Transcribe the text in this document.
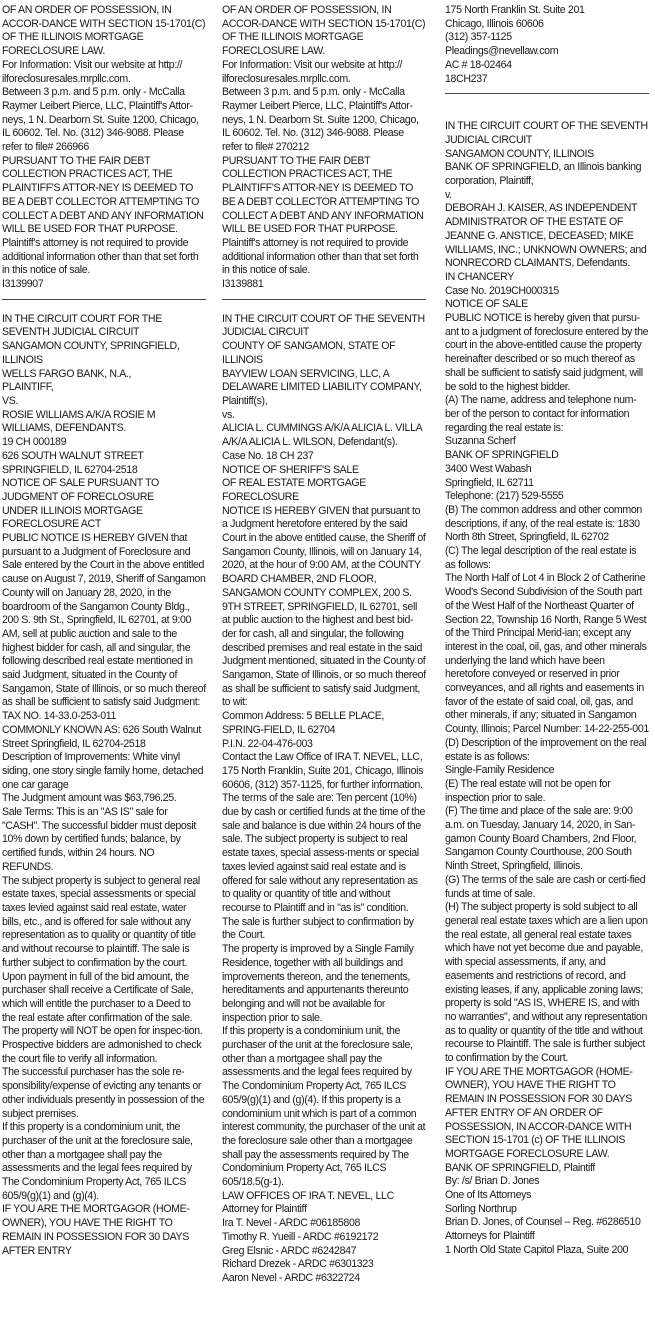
OF AN ORDER OF POSSESSION, IN ACCOR-DANCE WITH SECTION 15-1701(C) OF THE ILLINOIS MORTGAGE FORECLOSURE LAW.

For Information: Visit our website at http:// ilforeclosuresales.mrpllc.com.

Between 3 p.m. and 5 p.m. only - McCalla Raymer Leibert Pierce, LLC, Plaintiff's Attor-neys, 1 N. Dearborn St. Suite 1200, Chicago, IL 60602. Tel. No. (312) 346-9088. Please refer to file# 266966

PURSUANT TO THE FAIR DEBT COLLECTION PRACTICES ACT, THE PLAINTIFF'S ATTOR-NEY IS DEEMED TO BE A DEBT COLLECTOR ATTEMPTING TO COLLECT A DEBT AND ANY INFORMATION WILL BE USED FOR THAT PURPOSE.

Plaintiff's attorney is not required to provide additional information other than that set forth in this notice of sale.

I3139907

IN THE CIRCUIT COURT FOR THE SEVENTH JUDICIAL CIRCUIT

SANGAMON COUNTY, SPRINGFIELD, ILLINOIS

WELLS FARGO BANK, N.A.,

PLAINTIFF,

VS.

ROSIE WILLIAMS A/K/A ROSIE M WILLIAMS, DEFENDANTS.

19 CH 000189

626 SOUTH WALNUT STREET

SPRINGFIELD, IL 62704-2518

NOTICE OF SALE PURSUANT TO JUDGMENT OF FORECLOSURE

UNDER ILLINOIS MORTGAGE FORECLOSURE ACT

PUBLIC NOTICE IS HEREBY GIVEN that pursuant to a Judgment of Foreclosure and Sale entered by the Court in the above entitled cause on August 7, 2019, Sheriff of Sangamon County will on January 28, 2020, in the boardroom of the Sangamon County Bldg., 200 S. 9th St., Springfield, IL 62701, at 9:00 AM, sell at public auction and sale to the highest bidder for cash, all and singular, the following described real estate mentioned in said Judgment, situated in the County of Sangamon, State of Illinois, or so much thereof as shall be sufficient to satisfy said Judgment:

TAX NO. 14-33.0-253-011

COMMONLY KNOWN AS: 626 South Walnut Street Springfield, IL 62704-2518

Description of Improvements: White vinyl siding, one story single family home, detached one car garage

The Judgment amount was $63,796.25.

Sale Terms: This is an "AS IS" sale for "CASH". The successful bidder must deposit 10% down by certified funds; balance, by certified funds, within 24 hours. NO REFUNDS.

The subject property is subject to general real estate taxes, special assessments or special taxes levied against said real estate, water bills, etc., and is offered for sale without any representation as to quality or quantity of title and without recourse to plaintiff. The sale is further subject to confirmation by the court.

Upon payment in full of the bid amount, the purchaser shall receive a Certificate of Sale, which will entitle the purchaser to a Deed to the real estate after confirmation of the sale.

The property will NOT be open for inspec-tion. Prospective bidders are admonished to check the court file to verify all information.

The successful purchaser has the sole re-sponsibility/expense of evicting any tenants or other individuals presently in possession of the subject premises.

If this property is a condominium unit, the purchaser of the unit at the foreclosure sale, other than a mortgagee shall pay the assessments and the legal fees required by The Condominium Property Act, 765 ILCS 605/9(g)(1) and (g)(4).

IF YOU ARE THE MORTGAGOR (HOME-OWNER), YOU HAVE THE RIGHT TO REMAIN IN POSSESSION FOR 30 DAYS AFTER ENTRY

OF AN ORDER OF POSSESSION, IN ACCOR-DANCE WITH SECTION 15-1701(C) OF THE ILLINOIS MORTGAGE FORECLOSURE LAW.

For Information: Visit our website at http:// ilforeclosuresales.mrpllc.com.

Between 3 p.m. and 5 p.m. only - McCalla Raymer Leibert Pierce, LLC, Plaintiff's Attor-neys, 1 N. Dearborn St. Suite 1200, Chicago, IL 60602. Tel. No. (312) 346-9088. Please refer to file# 270212

PURSUANT TO THE FAIR DEBT COLLECTION PRACTICES ACT, THE PLAINTIFF'S ATTOR-NEY IS DEEMED TO BE A DEBT COLLECTOR ATTEMPTING TO COLLECT A DEBT AND ANY INFORMATION WILL BE USED FOR THAT PURPOSE.

Plaintiff's attorney is not required to provide additional information other than that set forth in this notice of sale.

I3139881

IN THE CIRCUIT COURT OF THE SEVENTH JUDICIAL CIRCUIT

COUNTY OF SANGAMON, STATE OF ILLINOIS

BAYVIEW LOAN SERVICING, LLC, A DELAWARE LIMITED LIABILITY COMPANY, Plaintiff(s),

vs.

ALICIA L. CUMMINGS A/K/A ALICIA L. VILLA A/K/A ALICIA L. WILSON, Defendant(s).

Case No. 18 CH 237

NOTICE OF SHERIFF'S SALE

OF REAL ESTATE MORTGAGE FORECLOSURE

NOTICE IS HEREBY GIVEN that pursuant to a Judgment heretofore entered by the said Court in the above entitled cause, the Sheriff of Sangamon County, Illinois, will on January 14, 2020, at the hour of 9:00 AM, at the COUNTY BOARD CHAMBER, 2ND FLOOR, SANGAMON COUNTY COMPLEX, 200 S. 9TH STREET, SPRINGFIELD, IL 62701, sell at public auction to the highest and best bid-der for cash, all and singular, the following described premises and real estate in the said Judgment mentioned, situated in the County of Sangamon, State of Illinois, or so much thereof as shall be sufficient to satisfy said Judgment, to wit:

Common Address: 5 BELLE PLACE, SPRING-FIELD, IL 62704

P.I.N. 22-04-476-003

Contact the Law Office of IRA T. NEVEL, LLC, 175 North Franklin, Suite 201, Chicago, Illinois 60606, (312) 357-1125, for further information.

The terms of the sale are: Ten percent (10%) due by cash or certified funds at the time of the sale and balance is due within 24 hours of the sale. The subject property is subject to real estate taxes, special assess-ments or special taxes levied against said real estate and is offered for sale without any representation as to quality or quantity of title and without recourse to Plaintiff and in "as is" condition. The sale is further subject to confirmation by the Court.

The property is improved by a Single Family Residence, together with all buildings and improvements thereon, and the tenements, hereditaments and appurtenants thereunto belonging and will not be available for inspection prior to sale.

If this property is a condominium unit, the purchaser of the unit at the foreclosure sale, other than a mortgagee shall pay the assessments and the legal fees required by The Condominium Property Act, 765 ILCS 605/9(g)(1) and (g)(4). If this property is a condominium unit which is part of a common interest community, the purchaser of the unit at the foreclosure sale other than a mortgagee shall pay the assessments required by The Condominium Property Act, 765 ILCS 605/18.5(g-1).

LAW OFFICES OF IRA T. NEVEL, LLC

Attorney for Plaintiff

Ira T. Nevel - ARDC #06185808

Timothy R. Yueill - ARDC #6192172

Greg Elsnic - ARDC #6242847

Richard Drezek - ARDC #6301323

Aaron Nevel - ARDC #6322724

175 North Franklin St. Suite 201

Chicago, Illinois 60606

(312) 357-1125

Pleadings@nevellaw.com

AC # 18-02464

18CH237

IN THE CIRCUIT COURT OF THE SEVENTH JUDICIAL CIRCUIT

SANGAMON COUNTY, ILLINOIS

BANK OF SPRINGFIELD, an Illinois banking corporation, Plaintiff,

v.

DEBORAH J. KAISER, AS INDEPENDENT ADMINISTRATOR OF THE ESTATE OF JEANNE G. ANSTICE, DECEASED; MIKE WILLIAMS, INC.; UNKNOWN OWNERS; and NONRECORD CLAIMANTS, Defendants.

IN CHANCERY

Case No. 2019CH000315

NOTICE OF SALE

PUBLIC NOTICE is hereby given that pursu-ant to a judgment of foreclosure entered by the court in the above-entitled cause the property hereinafter described or so much thereof as shall be sufficient to satisfy said judgment, will be sold to the highest bidder.

(A) The name, address and telephone num-ber of the person to contact for information regarding the real estate is:

Suzanna Scherf

BANK OF SPRINGFIELD

3400 West Wabash

Springfield, IL 62711

Telephone: (217) 529-5555

(B) The common address and other common descriptions, if any, of the real estate is: 1830 North 8th Street, Springfield, IL 62702

(C) The legal description of the real estate is as follows:

The North Half of Lot 4 in Block 2 of Catherine Wood's Second Subdivision of the South part of the West Half of the Northeast Quarter of Section 22, Township 16 North, Range 5 West of the Third Principal Merid-ian; except any interest in the coal, oil, gas, and other minerals underlying the land which have been heretofore conveyed or reserved in prior conveyances, and all rights and easements in favor of the estate of said coal, oil, gas, and other minerals, if any; situated in Sangamon County, Illinois; Parcel Number: 14-22-255-001

(D) Description of the improvement on the real estate is as follows:

Single-Family Residence

(E) The real estate will not be open for inspection prior to sale.

(F) The time and place of the sale are: 9:00 a.m. on Tuesday, January 14, 2020, in San-gamon County Board Chambers, 2nd Floor, Sangamon County Courthouse, 200 South Ninth Street, Springfield, Illinois.

(G) The terms of the sale are cash or certi-fied funds at time of sale.

(H) The subject property is sold subject to all general real estate taxes which are a lien upon the real estate, all general real estate taxes which have not yet become due and payable, with special assessments, if any, and easements and restrictions of record, and existing leases, if any, applicable zoning laws; property is sold "AS IS, WHERE IS, and with no warranties", and without any representation as to quality or quantity of the title and without recourse to Plaintiff. The sale is further subject to confirmation by the Court.

IF YOU ARE THE MORTGAGOR (HOME-OWNER), YOU HAVE THE RIGHT TO REMAIN IN POSSESSION FOR 30 DAYS AFTER ENTRY OF AN ORDER OF POSSESSION, IN ACCOR-DANCE WITH SECTION 15-1701 (c) OF THE ILLINOIS MORTGAGE FORECLOSURE LAW.

BANK OF SPRINGFIELD, Plaintiff

By: /s/ Brian D. Jones

One of Its Attorneys

Sorling Northrup

Brian D. Jones, of Counsel – Reg. #6286510

Attorneys for Plaintiff

1 North Old State Capitol Plaza, Suite 200
